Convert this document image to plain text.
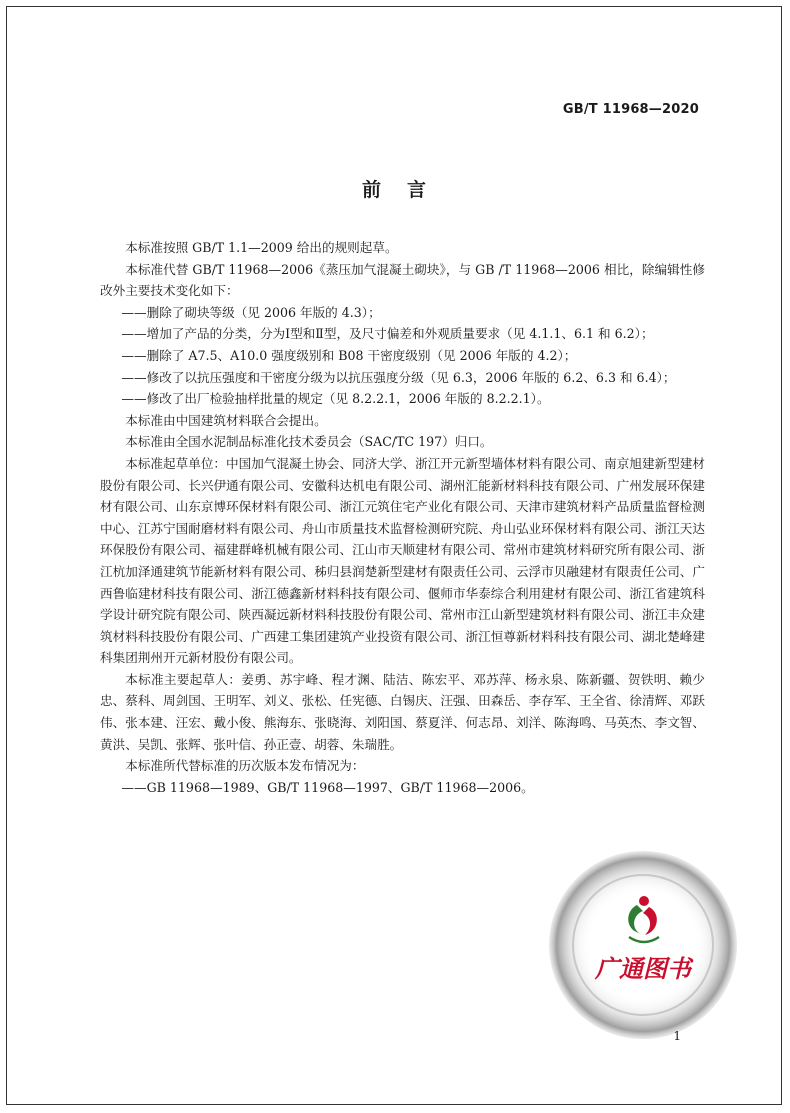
GB/T 11968—2020
前言

本标准按照 GB/T 1.1—2009 给出的规则起草。

本标准代替 GB/T 11968—2006《蒸压加气混凝土砌块》，与 GB /T 11968—2006 相比，除编辑性修改外主要技术变化如下：

——删除了砌块等级（见 2006 年版的 4.3）；

——增加了产品的分类，分为Ⅰ型和Ⅱ型，及尺寸偏差和外观质量要求（见 4.1.1、6.1 和 6.2）；

——删除了 A7.5、A10.0 强度级别和 B08 干密度级别（见 2006 年版的 4.2）；

——修改了以抗压强度和干密度分级为以抗压强度分级（见 6.3，2006 年版的 6.2、6.3 和 6.4）；

——修改了出厂检验抽样批量的规定（见 8.2.2.1，2006 年版的 8.2.2.1）。

本标准由中国建筑材料联合会提出。

本标准由全国水泥制品标准化技术委员会（SAC/TC 197）归口。

本标准起草单位：中国加气混凝土协会、同济大学、浙江开元新型墙体材料有限公司、南京旭建新型建材股份有限公司、长兴伊通有限公司、安徽科达机电有限公司、湖州汇能新材料科技有限公司、广州发展环保建材有限公司、山东京博环保材料有限公司、浙江元筑住宅产业化有限公司、天津市建筑材料产品质量监督检测中心、江苏宁国耐磨材料有限公司、舟山市质量技术监督检测研究院、舟山弘业环保材料有限公司、浙江天达环保股份有限公司、福建群峰机械有限公司、江山市天顺建材有限公司、常州市建筑材料研究所有限公司、浙江杭加泽通建筑节能新材料有限公司、秭归县润楚新型建材有限责任公司、云浮市贝融建材有限责任公司、广西鲁临建材科技有限公司、浙江德鑫新材料科技有限公司、偃师市华泰综合利用建材有限公司、浙江省建筑科学设计研究院有限公司、陕西凝远新材料科技股份有限公司、常州市江山新型建筑材料有限公司、浙江丰众建筑材料科技股份有限公司、广西建工集团建筑产业投资有限公司、浙江恒尊新材料科技有限公司、湖北楚峰建科集团荆州开元新材股份有限公司。

本标准主要起草人：姜勇、苏宇峰、程才渊、陆洁、陈宏平、邓苏萍、杨永泉、陈新疆、贺铁明、赖少忠、蔡科、周剑国、王明军、刘义、张松、任宪德、白锡庆、汪强、田森岳、李存军、王全省、徐清辉、邓跃伟、张本建、汪宏、戴小俊、熊海东、张晓海、刘阳国、蔡夏洋、何志昂、刘洋、陈海鸣、马英杰、李文智、黄洪、吴凯、张辉、张叶信、孙正壹、胡蓉、朱瑞胜。

本标准所代替标准的历次版本发布情况为：

——GB 11968—1989、GB/T 11968—1997、GB/T 11968—2006。

广通图书
1
